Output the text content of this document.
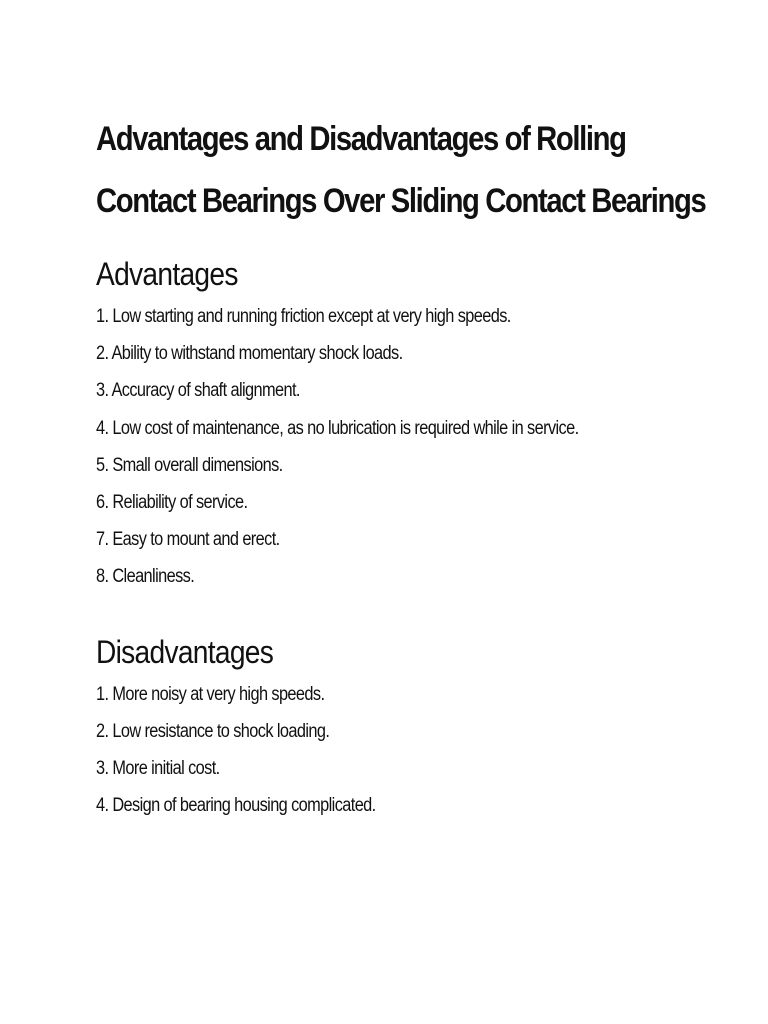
Advantages and Disadvantages of Rolling
Contact Bearings Over Sliding Contact Bearings
Advantages
1. Low starting and running friction except at very high speeds.
2. Ability to withstand momentary shock loads.
3. Accuracy of shaft alignment.
4. Low cost of maintenance, as no lubrication is required while in service.
5. Small overall dimensions.
6. Reliability of service.
7. Easy to mount and erect.
8. Cleanliness.
Disadvantages
1. More noisy at very high speeds.
2. Low resistance to shock loading.
3. More initial cost.
4. Design of bearing housing complicated.
